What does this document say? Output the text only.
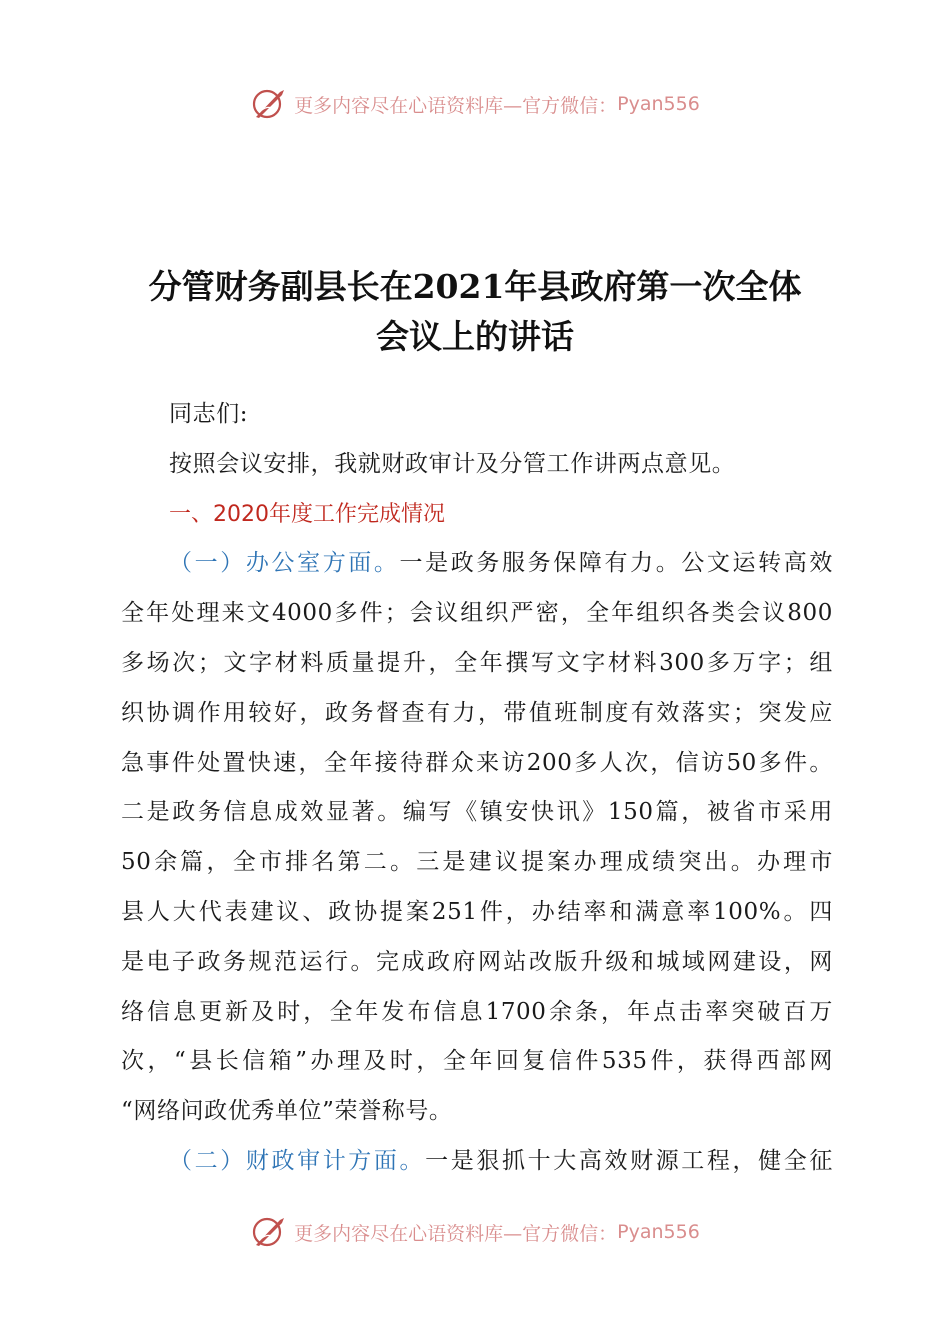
更多内容尽在心语资料库—官方微信： Pyan556
分管财务副县长在2021年县政府第一次全体
会议上的讲话

同志们:

按照会议安排，我就财政审计及分管工作讲两点意见。

一、2020年度工作完成情况

（一）办公室方面。一是政务服务保障有力。公文运转高效
全年处理来文4000多件；会议组织严密，全年组织各类会议800
多场次；文字材料质量提升，全年撰写文字材料300多万字；组
织协调作用较好，政务督查有力，带值班制度有效落实；突发应
急事件处置快速，全年接待群众来访200多人次，信访50多件。
二是政务信息成效显著。编写《镇安快讯》150篇，被省市采用
50余篇，全市排名第二。三是建议提案办理成绩突出。办理市
县人大代表建议、政协提案251件，办结率和满意率100%。四
是电子政务规范运行。完成政府网站改版升级和城域网建设，网
络信息更新及时，全年发布信息1700余条，年点击率突破百万
次，“县长信箱”办理及时，全年回复信件535件，获得西部网
“网络问政优秀单位”荣誉称号。
（二）财政审计方面。一是狠抓十大高效财源工程，健全征
更多内容尽在心语资料库—官方微信： Pyan556
